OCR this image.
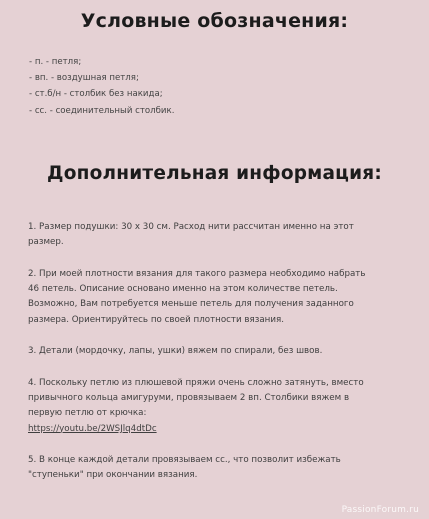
Условные обозначения:
- п. - петля;
- вп. - воздушная петля;
- ст.б/н - столбик без накида;
- сс. - соединительный столбик.
Дополнительная информация:

1. Размер подушки: 30 х 30 см. Расход нити рассчитан именно на этот
размер.

2. При моей плотности вязания для такого размера необходимо набрать
46 петель. Описание основано именно на этом количестве петель.
Возможно, Вам потребуется меньше петель для получения заданного
размера. Ориентируйтесь по своей плотности вязания.

3. Детали (мордочку, лапы, ушки) вяжем по спирали, без швов.

4. Поскольку петлю из плюшевой пряжи очень сложно затянуть, вместо
привычного кольца амигуруми, провязываем 2 вп. Столбики вяжем в
первую петлю от крючка:
https://youtu.be/2WSJlq4dtDc

5. В конце каждой детали провязываем сс., что позволит избежать
"ступеньки" при окончании вязания.

PassionForum.ru
